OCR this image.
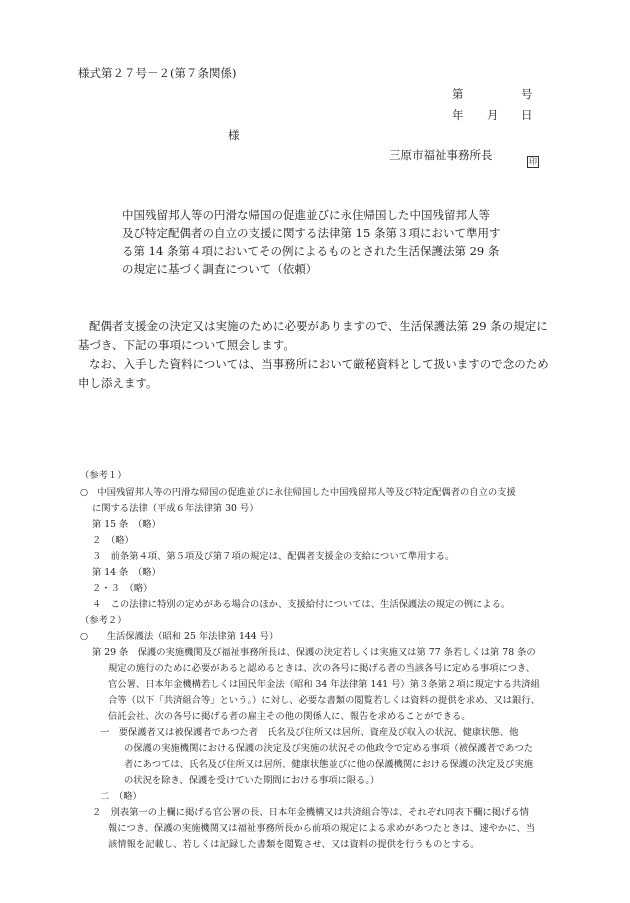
様式第２７号－２(第７条関係)
第	号
年 月 日
様
三原市福祉事務所長	印
中国残留邦人等の円滑な帰国の促進並びに永住帰国した中国残留邦人等
及び特定配偶者の自立の支援に関する法律第 15 条第３項において準用す
る第 14 条第４項においてその例によるものとされた生活保護法第 29 条
の規定に基づく調査について（依頼）
配偶者支援金の決定又は実施のために必要がありますので、生活保護法第 29 条の規定に
基づき、下記の事項について照会します。
なお、入手した資料については、当事務所において厳秘資料として扱いますので念のため
申し添えます。
（参考１）
○　中国残留邦人等の円滑な帰国の促進並びに永住帰国した中国残留邦人等及び特定配偶者の自立の支援
に関する法律（平成６年法律第 30 号）
第 15 条　（略）
２　（略）
３　前条第４項、第５項及び第７項の規定は、配偶者支援金の支給について準用する。
第 14 条　（略）
２・３　（略）
４　この法律に特別の定めがある場合のほか、支援給付については、生活保護法の規定の例による。
（参考２）
○　　生活保護法（昭和 25 年法律第 144 号）
第 29 条　保護の実施機関及び福祉事務所長は、保護の決定若しくは実施又は第 77 条若しくは第 78 条の
規定の施行のために必要があると認めるときは、次の各号に掲げる者の当該各号に定める事項につき、
官公署、日本年金機構若しくは国民年金法（昭和 34 年法律第 141 号）第３条第２項に規定する共済組
合等（以下「共済組合等」という。）に対し、必要な書類の閲覧若しくは資料の提供を求め、又は銀行、
信託会社、次の各号に掲げる者の雇主その他の関係人に、報告を求めることができる。
一　要保護者又は被保護者であつた者　氏名及び住所又は居所、資産及び収入の状況、健康状態、他
の保護の実施機関における保護の決定及び実施の状況その他政令で定める事項（被保護者であつた
者にあつては、氏名及び住所又は居所、健康状態並びに他の保護機関における保護の決定及び実施
の状況を除き、保護を受けていた期間における事項に限る。）
二　（略）
２　別表第一の上欄に掲げる官公署の長、日本年金機構又は共済組合等は、それぞれ同表下欄に掲げる情
報につき、保護の実施機関又は福祉事務所長から前項の規定による求めがあつたときは、速やかに、当
該情報を記載し、若しくは記録した書類を閲覧させ、又は資料の提供を行うものとする。
